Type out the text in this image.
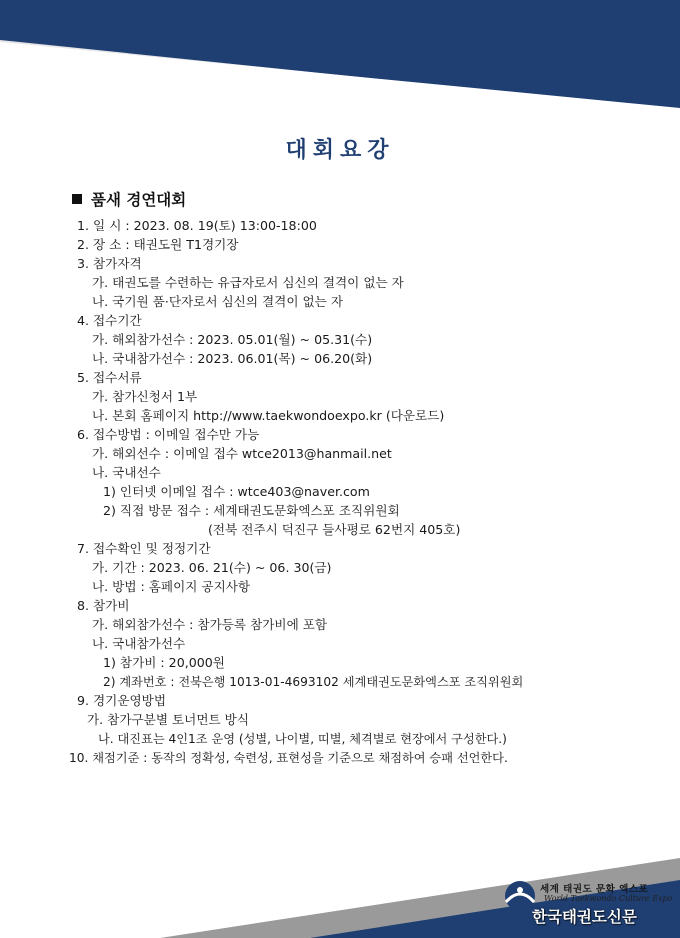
대회요강
품새 경연대회
1. 일 시 : 2023. 08. 19(토) 13:00-18:00
2. 장 소 : 태권도원 T1경기장
3. 참가자격
가. 태권도를 수련하는 유급자로서 심신의 결격이 없는 자
나. 국기원 품·단자로서 심신의 결격이 없는 자
4. 접수기간
가. 해외참가선수 : 2023. 05.01(월) ~ 05.31(수)
나. 국내참가선수 : 2023. 06.01(목) ~ 06.20(화)
5. 접수서류
가. 참가신청서 1부
나. 본회 홈페이지 http://www.taekwondoexpo.kr (다운로드)
6. 접수방법 : 이메일 접수만 가능
가. 해외선수 : 이메일 접수 wtce2013@hanmail.net
나. 국내선수
1) 인터넷 이메일 접수 : wtce403@naver.com
2) 직접 방문 접수 : 세계태권도문화엑스포 조직위원회
(전북 전주시 덕진구 들사평로 62번지 405호)
7. 접수확인 및 정정기간
가. 기간 : 2023. 06. 21(수) ~ 06. 30(금)
나. 방법 : 홈페이지 공지사항
8. 참가비
가. 해외참가선수 : 참가등록 참가비에 포함
나. 국내참가선수
1) 참가비 : 20,000원
2) 계좌번호 : 전북은행 1013-01-4693102 세계태권도문화엑스포 조직위원회
9. 경기운영방법
가. 참가구분별 토너먼트 방식
나. 대진표는 4인1조 운영 (성별, 나이별, 띠별, 체격별로 현장에서 구성한다.)
10. 채점기준 : 동작의 정확성, 숙련성, 표현성을 기준으로 채점하여 승패 선언한다.
세계 태권도 문화 엑스포
World Taekwondo Culture Expo
한국태권도신문
